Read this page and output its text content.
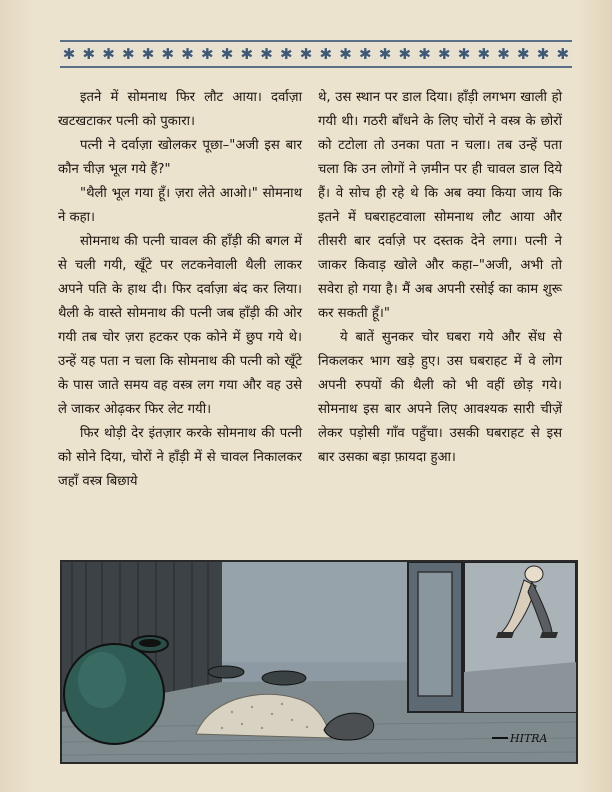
✱ ✱ ✱ ✱ ✱ ✱ ✱ ✱ ✱ ✱ ✱ ✱ ✱ ✱ ✱ ✱ ✱ ✱ ✱ ✱ ✱ ✱ ✱ ✱ ✱ ✱

इतने में सोमनाथ फिर लौट आया। दर्वाज़ा खटखटाकर पत्नी को पुकारा।

पत्नी ने दर्वाज़ा खोलकर पूछा–"अजी इस बार कौन चीज़ भूल गये हैं?"

"थैली भूल गया हूँ। ज़रा लेते आओ।" सोमनाथ ने कहा।

सोमनाथ की पत्नी चावल की हाँड़ी की बगल में से चली गयी, खूँटे पर लटकनेवाली थैली लाकर अपने पति के हाथ दी। फिर दर्वाज़ा बंद कर लिया। थैली के वास्ते सोमनाथ की पत्नी जब हाँड़ी की ओर गयी तब चोर ज़रा हटकर एक कोने में छुप गये थे। उन्हें यह पता न चला कि सोमनाथ की पत्नी को खूँटे के पास जाते समय वह वस्त्र लग गया और वह उसे ले जाकर ओढ़कर फिर लेट गयी।

फिर थोड़ी देर इंतज़ार करके सोमनाथ की पत्नी को सोने दिया, चोरों ने हाँड़ी में से चावल निकालकर जहाँ वस्त्र बिछाये

थे, उस स्थान पर डाल दिया। हाँड़ी लगभग खाली हो गयी थी। गठरी बाँधने के लिए चोरों ने वस्त्र के छोरों को टटोला तो उनका पता न चला। तब उन्हें पता चला कि उन लोगों ने ज़मीन पर ही चावल डाल दिये हैं। वे सोच ही रहे थे कि अब क्या किया जाय कि इतने में घबराहटवाला सोमनाथ लौट आया और तीसरी बार दर्वाज़े पर दस्तक देने लगा। पत्नी ने जाकर किवाड़ खोले और कहा–"अजी, अभी तो सवेरा हो गया है। मैं अब अपनी रसोई का काम शुरू कर सकती हूँ।"

ये बातें सुनकर चोर घबरा गये और सेंध से निकलकर भाग खड़े हुए। उस घबराहट में वे लोग अपनी रुपयों की थैली को भी वहीं छोड़ गये। सोमनाथ इस बार अपने लिए आवश्यक सारी चीज़ें लेकर पड़ोसी गाँव पहुँचा। उसकी घबराहट से इस बार उसका बड़ा फ़ायदा हुआ।

HITRA
